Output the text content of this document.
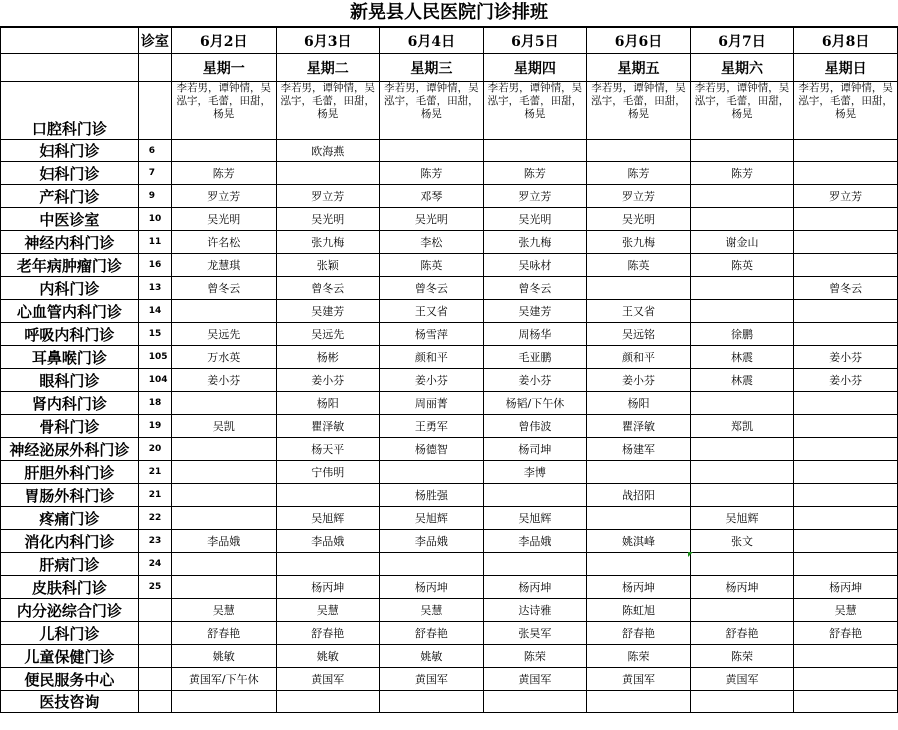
新晃县人民医院门诊排班
	诊室	6月2日	6月3日	6月4日	6月5日	6月6日	6月7日	6月8日
		星期一	星期二	星期三	星期四	星期五	星期六	星期日
口腔科门诊		李若男，谭钟情，吴泓宇，毛蕾，田甜，杨晃	李若男，谭钟情，吴泓宇，毛蕾，田甜，杨晃	李若男，谭钟情，吴泓宇，毛蕾，田甜，杨晃	李若男，谭钟情，吴泓宇，毛蕾，田甜，杨晃	李若男，谭钟情，吴泓宇，毛蕾，田甜，杨晃	李若男，谭钟情，吴泓宇，毛蕾，田甜，杨晃	李若男，谭钟情，吴泓宇，毛蕾，田甜，杨晃
妇科门诊	6		欧海燕					
妇科门诊	7	陈芳		陈芳	陈芳	陈芳	陈芳	
产科门诊	9	罗立芳	罗立芳	邓琴	罗立芳	罗立芳		罗立芳
中医诊室	10	吴光明	吴光明	吴光明	吴光明	吴光明		
神经内科门诊	11	许名松	张九梅	李松	张九梅	张九梅	谢金山	
老年病肿瘤门诊	16	龙慧琪	张颖	陈英	吴咏材	陈英	陈英	
内科门诊	13	曾冬云	曾冬云	曾冬云	曾冬云			曾冬云
心血管内科门诊	14		吴建芳	王又省	吴建芳	王又省		
呼吸内科门诊	15	吴远先	吴远先	杨雪萍	周杨华	吴远铭	徐鹏	
耳鼻喉门诊	105	万水英	杨彬	颜和平	毛亚鹏	颜和平	林震	姜小芬
眼科门诊	104	姜小芬	姜小芬	姜小芬	姜小芬	姜小芬	林震	姜小芬
肾内科门诊	18		杨阳	周丽菁	杨韬/下午休	杨阳		
骨科门诊	19	吴凯	瞿泽敏	王勇军	曾伟波	瞿泽敏	郑凯	
神经泌尿外科门诊	20		杨天平	杨德智	杨司坤	杨建军		
肝胆外科门诊	21		宁伟明		李博			
胃肠外科门诊	21			杨胜强		战招阳		
疼痛门诊	22		吴旭辉	吴旭辉	吴旭辉		吴旭辉	
消化内科门诊	23	李品娥	李品娥	李品娥	李品娥	姚淇峰	张文	
肝病门诊	24							
皮肤科门诊	25		杨丙坤	杨丙坤	杨丙坤	杨丙坤	杨丙坤	杨丙坤
内分泌综合门诊		吴慧	吴慧	吴慧	达诗雅	陈虹旭		吴慧
儿科门诊		舒春艳	舒春艳	舒春艳	张昊军	舒春艳	舒春艳	舒春艳
儿童保健门诊		姚敏	姚敏	姚敏	陈荣	陈荣	陈荣	
便民服务中心		黄国军/下午休	黄国军	黄国军	黄国军	黄国军	黄国军	
医技咨询								
